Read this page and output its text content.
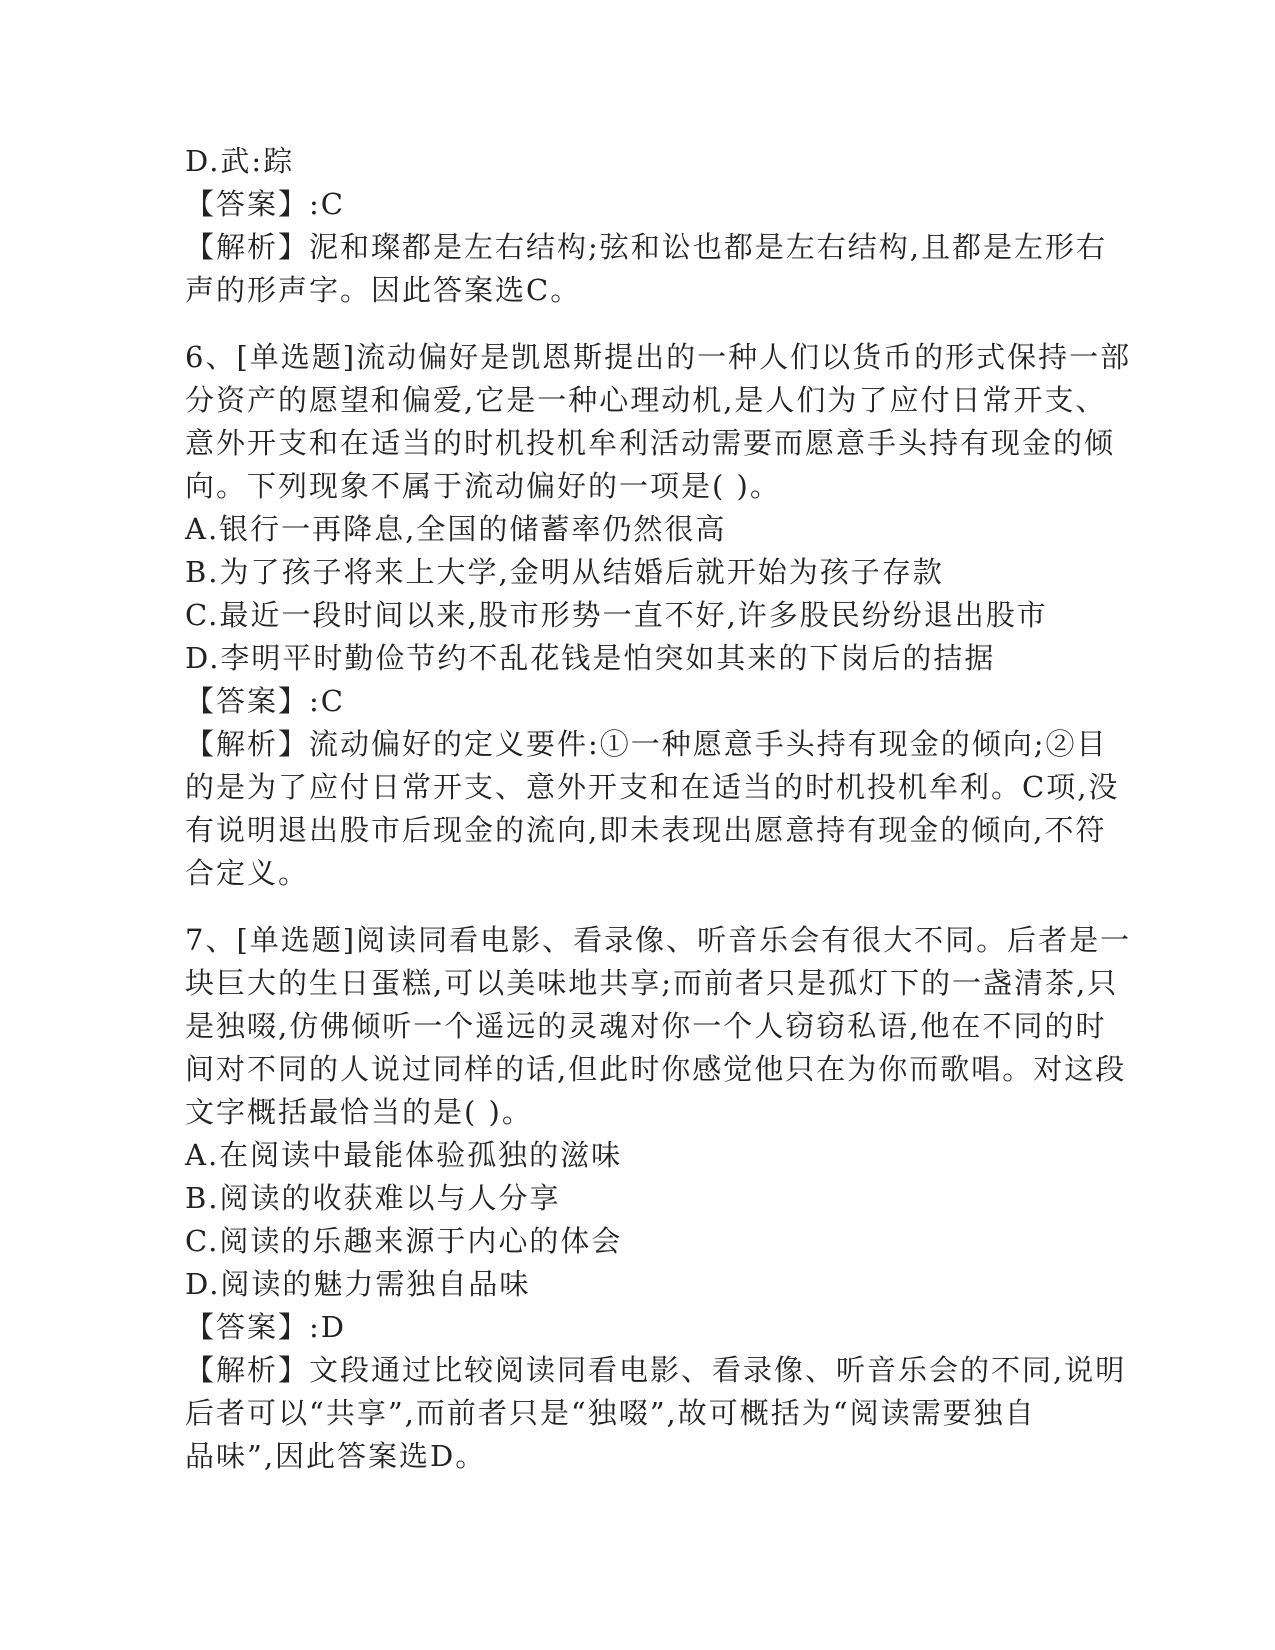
D.武:踪
【答案】:C
【解析】泥和璨都是左右结构;弦和讼也都是左右结构,且都是左形右
声的形声字。因此答案选C。
6、[单选题]流动偏好是凯恩斯提出的一种人们以货币的形式保持一部
分资产的愿望和偏爱,它是一种心理动机,是人们为了应付日常开支、
意外开支和在适当的时机投机牟利活动需要而愿意手头持有现金的倾
向。下列现象不属于流动偏好的一项是( )。
A.银行一再降息,全国的储蓄率仍然很高
B.为了孩子将来上大学,金明从结婚后就开始为孩子存款
C.最近一段时间以来,股市形势一直不好,许多股民纷纷退出股市
D.李明平时勤俭节约不乱花钱是怕突如其来的下岗后的拮据
【答案】:C
【解析】流动偏好的定义要件:①一种愿意手头持有现金的倾向;②目
的是为了应付日常开支、意外开支和在适当的时机投机牟利。C项,没
有说明退出股市后现金的流向,即未表现出愿意持有现金的倾向,不符
合定义。
7、[单选题]阅读同看电影、看录像、听音乐会有很大不同。后者是一
块巨大的生日蛋糕,可以美味地共享;而前者只是孤灯下的一盏清茶,只
是独啜,仿佛倾听一个遥远的灵魂对你一个人窃窃私语,他在不同的时
间对不同的人说过同样的话,但此时你感觉他只在为你而歌唱。对这段
文字概括最恰当的是( )。
A.在阅读中最能体验孤独的滋味
B.阅读的收获难以与人分享
C.阅读的乐趣来源于内心的体会
D.阅读的魅力需独自品味
【答案】:D
【解析】文段通过比较阅读同看电影、看录像、听音乐会的不同,说明
后者可以“共享”,而前者只是“独啜”,故可概括为“阅读需要独自
品味”,因此答案选D。
